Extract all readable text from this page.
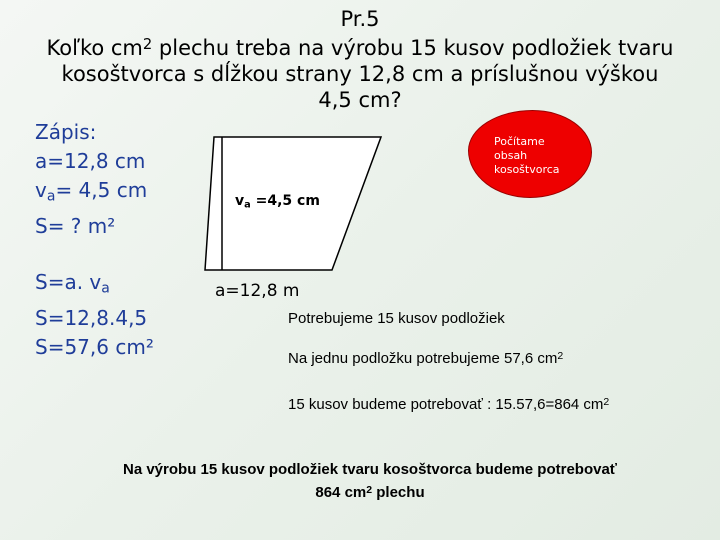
Pr.5
Koľko $cm^2$ plechu treba na výrobu 15 kusov podložiek tvaru
kosoštvorca s dĺžkou strany 12,8 cm a príslušnou výškou
4,5 cm?
Zápis:
a=12,8 cm
$v_a= 4,5$ cm
S= ? m²
S=a. $v_a$
S=12,8.4,5
S=57,6 cm²
Počítame
obsah
kosoštvorca
$v_a =4,5$ cm
a=12,8 m
Potrebujeme 15 kusov podložiek
Na jednu podložku potrebujeme 57,6 $cm^2$
15 kusov budeme potrebovať : 15.57,6=864 $cm^2$
Na výrobu 15 kusov podložiek tvaru kosoštvorca budeme potrebovať
864 $cm^2$ plechu
